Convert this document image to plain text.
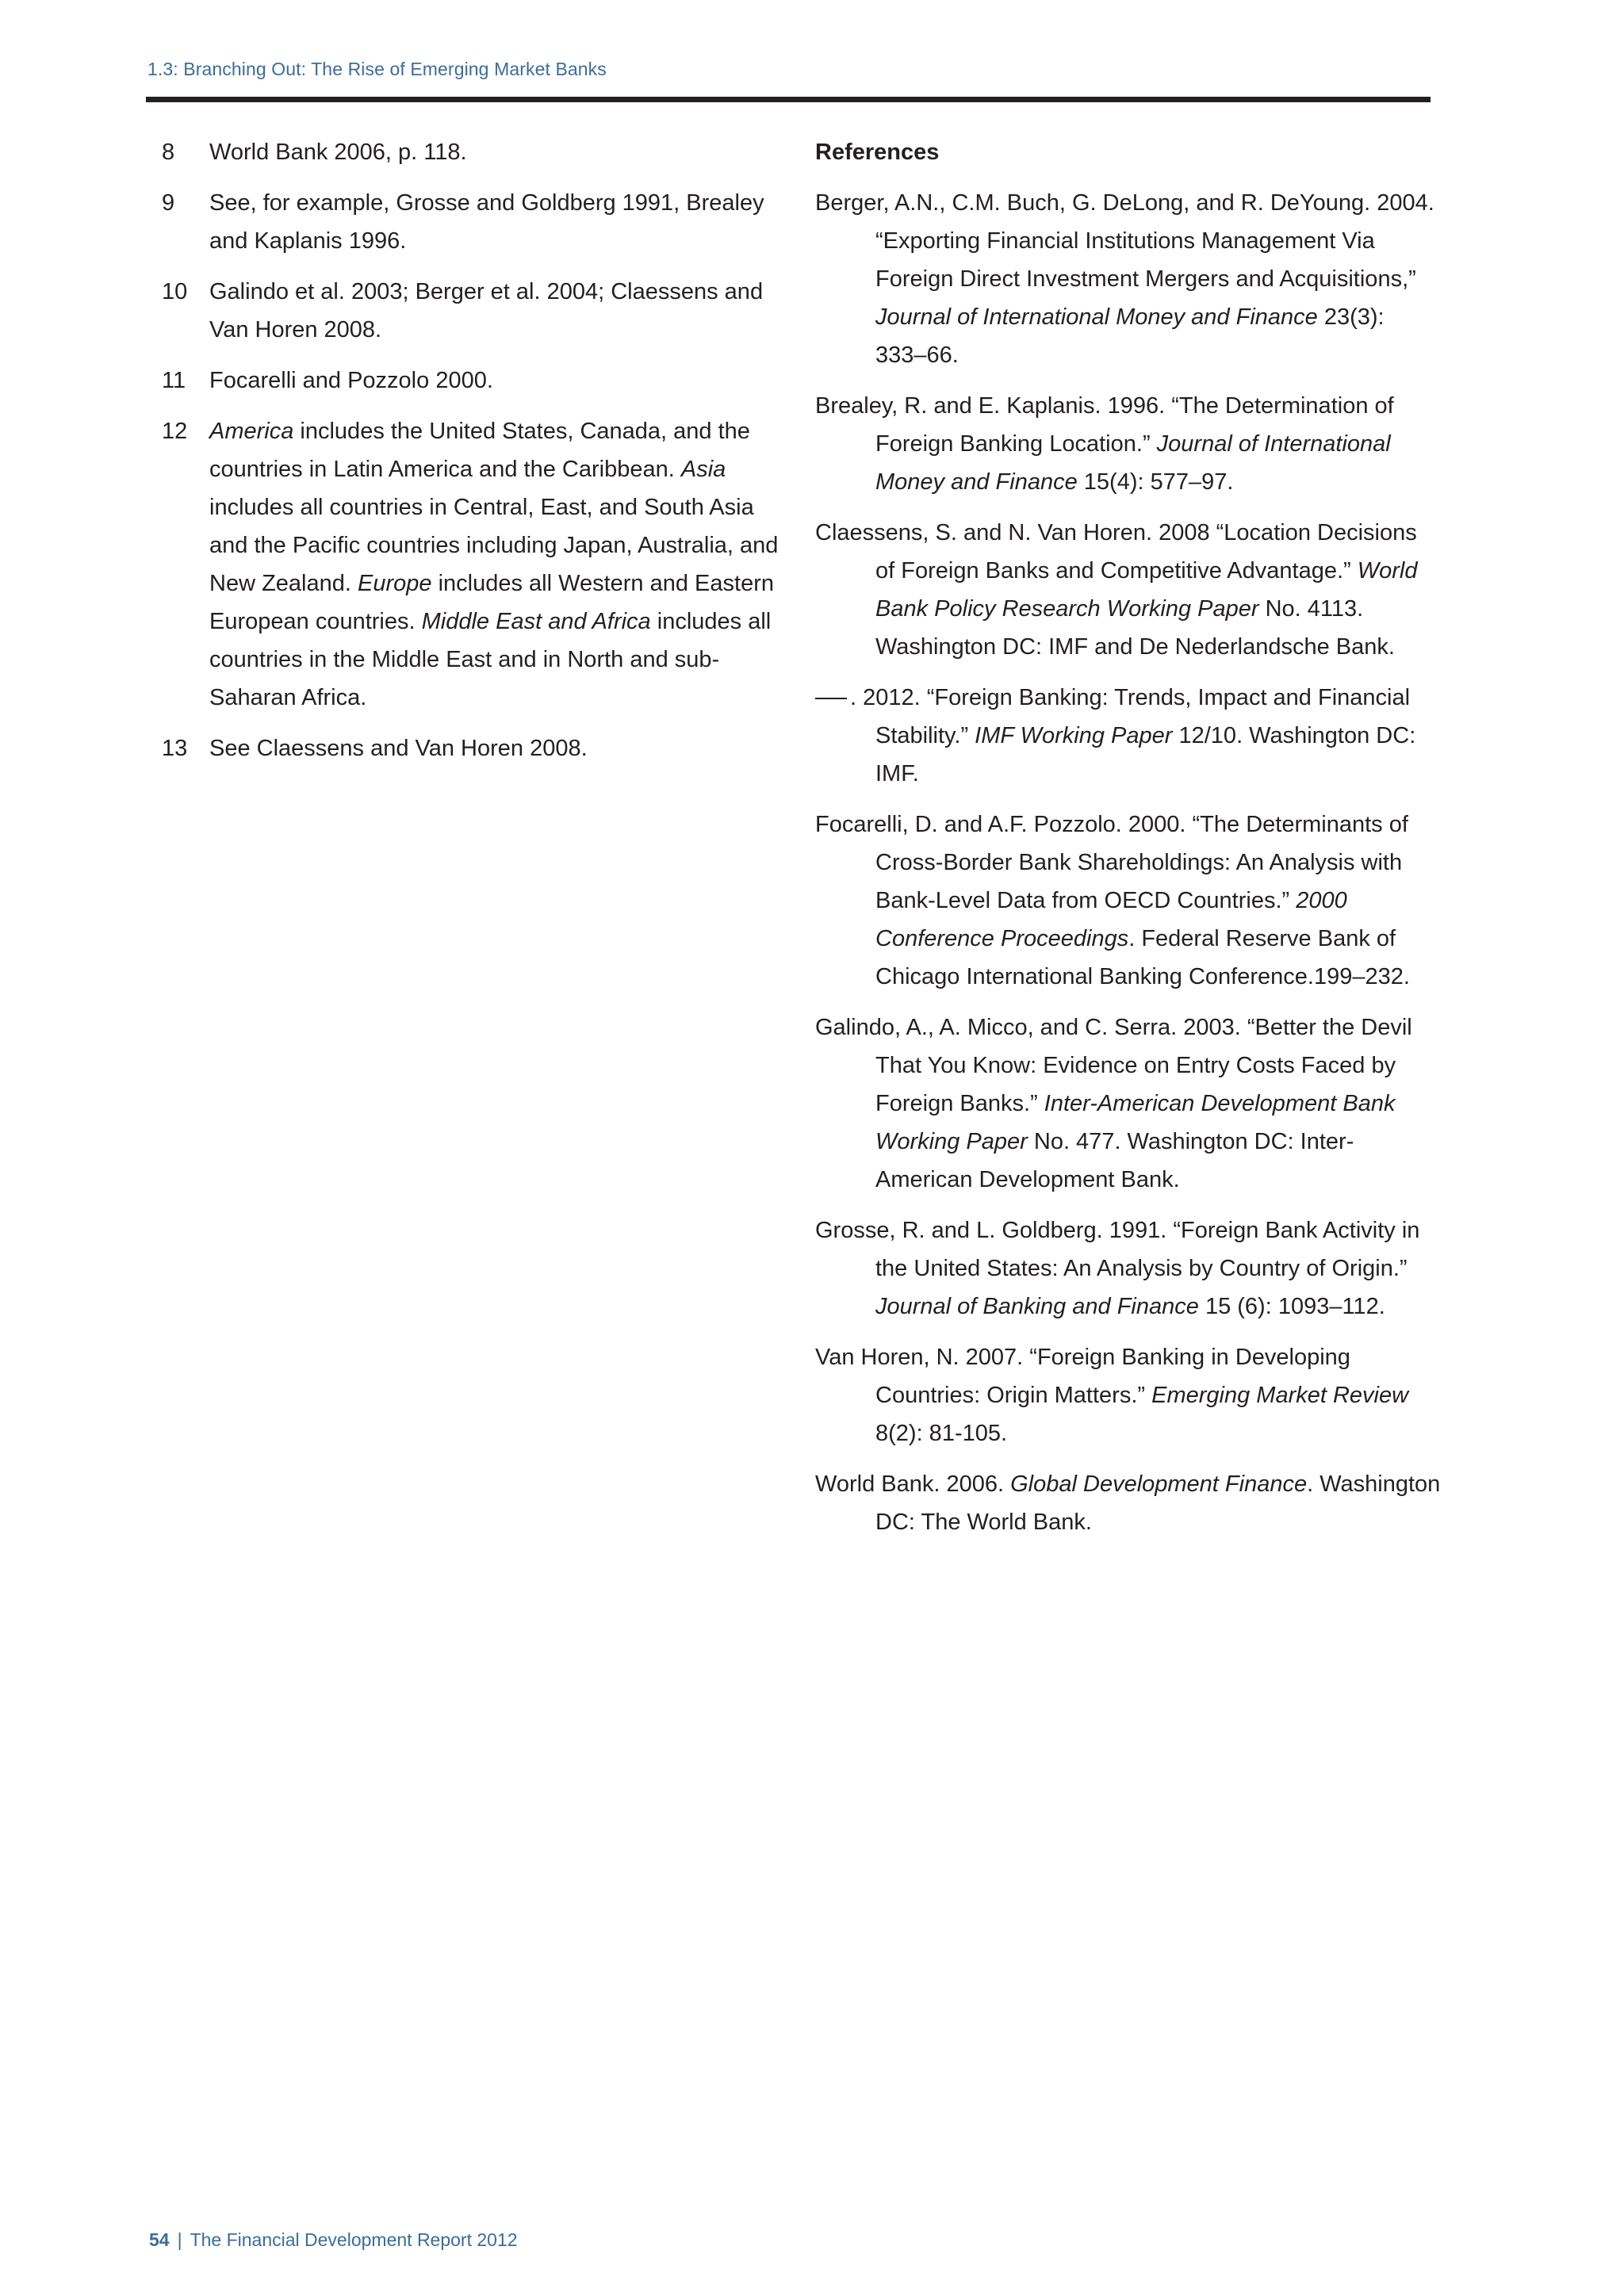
1.3: Branching Out: The Rise of Emerging Market Banks
8	World Bank 2006, p. 118.
9	See, for example, Grosse and Goldberg 1991, Brealey and Kaplanis 1996.
10 Galindo et al. 2003; Berger et al. 2004; Claessens and Van Horen 2008.
11	Focarelli and Pozzolo 2000.
12 America includes the United States, Canada, and the countries in Latin America and the Caribbean. Asia includes all countries in Central, East, and South Asia and the Pacific countries including Japan, Australia, and New Zealand. Europe includes all Western and Eastern European countries. Middle East and Africa includes all countries in the Middle East and in North and sub-Saharan Africa.
13 See Claessens and Van Horen 2008.
References
Berger, A.N., C.M. Buch, G. DeLong, and R. DeYoung. 2004. “Exporting Financial Institutions Management Via Foreign Direct Investment Mergers and Acquisitions,” Journal of International Money and Finance 23(3): 333–66.
Brealey, R. and E. Kaplanis. 1996. “The Determination of Foreign Banking Location.” Journal of International Money and Finance 15(4): 577–97.
Claessens, S. and N. Van Horen. 2008 “Location Decisions of Foreign Banks and Competitive Advantage.” World Bank Policy Research Working Paper No. 4113. Washington DC: IMF and De Nederlandsche Bank.
. 2012. “Foreign Banking: Trends, Impact and Financial Stability.” IMF Working Paper 12/10. Washington DC: IMF.
Focarelli, D. and A.F. Pozzolo. 2000. “The Determinants of Cross-Border Bank Shareholdings: An Analysis with Bank-Level Data from OECD Countries.” 2000 Conference Proceedings. Federal Reserve Bank of Chicago International Banking Conference.199–232.
Galindo, A., A. Micco, and C. Serra. 2003. “Better the Devil That You Know: Evidence on Entry Costs Faced by Foreign Banks.” Inter-American Development Bank Working Paper No. 477. Washington DC: Inter-American Development Bank.
Grosse, R. and L. Goldberg. 1991. “Foreign Bank Activity in the United States: An Analysis by Country of Origin.” Journal of Banking and Finance 15 (6): 1093–112.
Van Horen, N. 2007. “Foreign Banking in Developing Countries: Origin Matters.” Emerging Market Review 8(2): 81-105.
World Bank. 2006. Global Development Finance. Washington DC: The World Bank.
54 | The Financial Development Report 2012
